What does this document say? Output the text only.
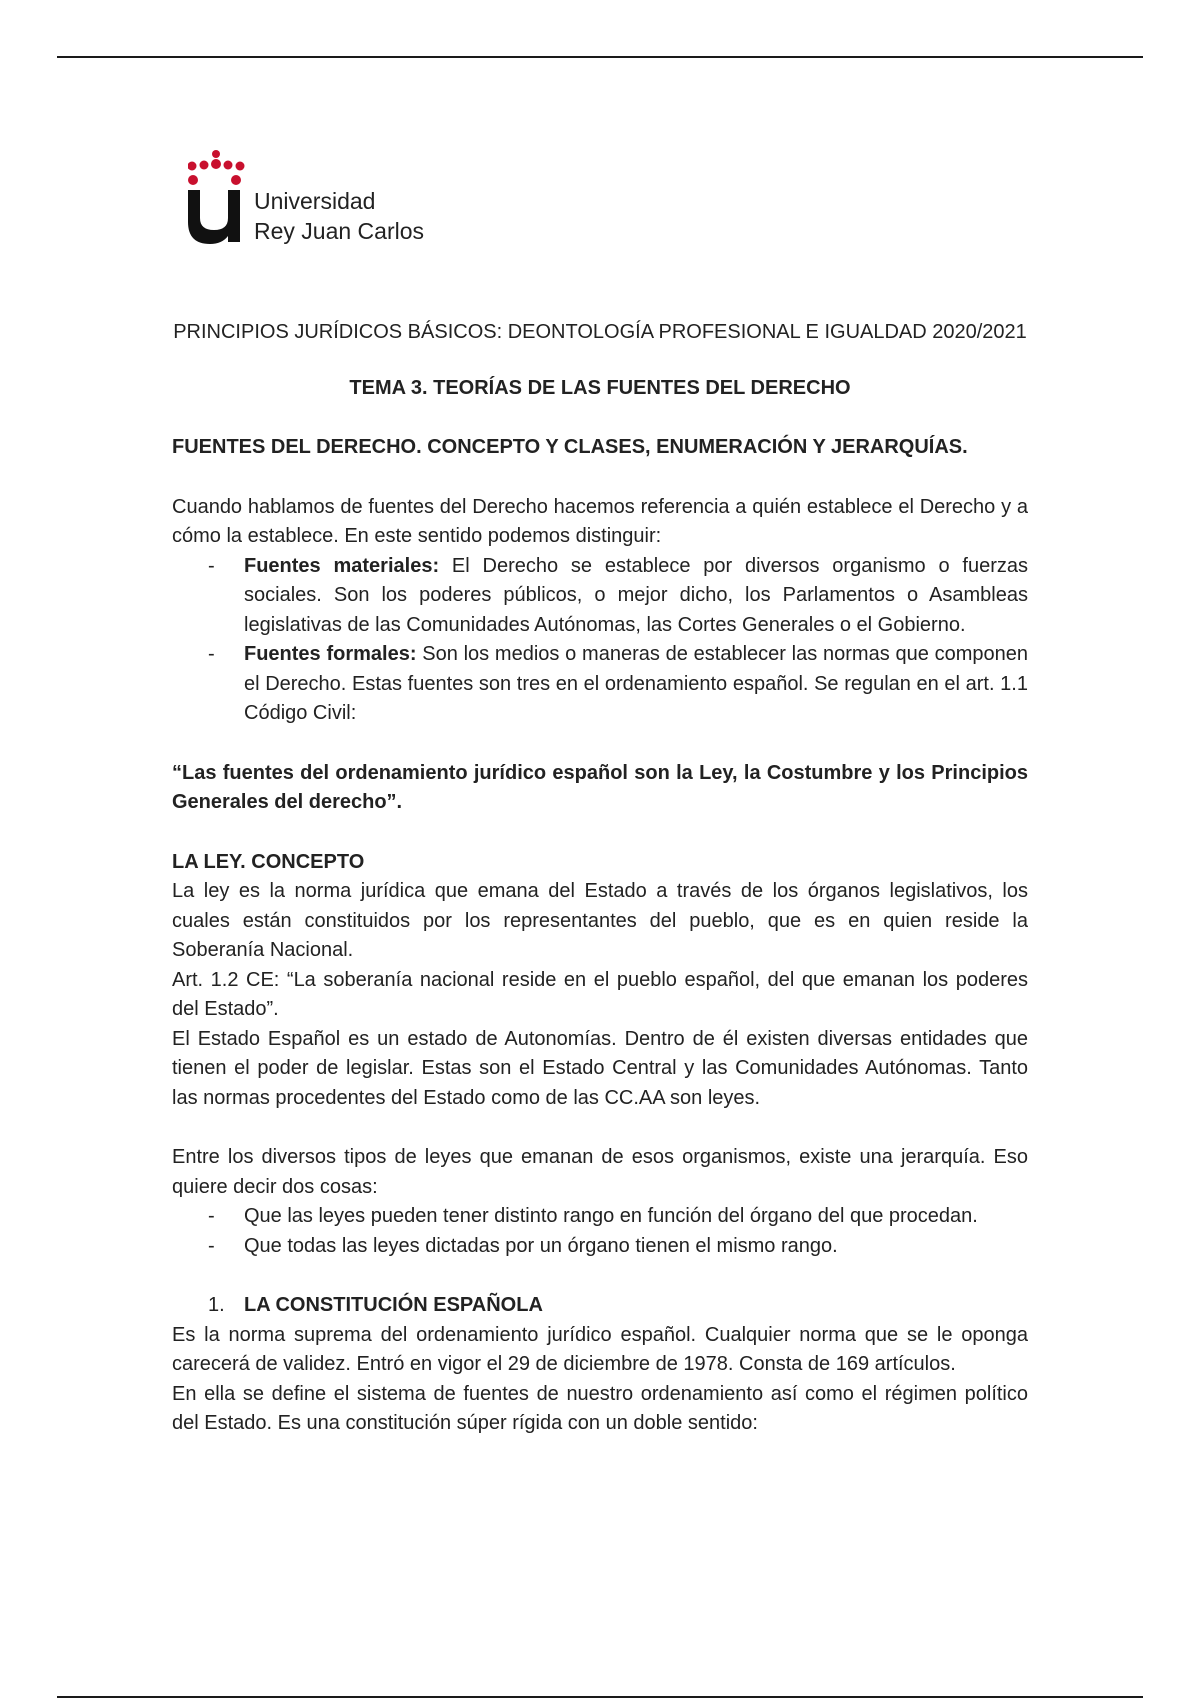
Universidad
Rey Juan Carlos
PRINCIPIOS JURÍDICOS BÁSICOS: DEONTOLOGÍA PROFESIONAL E IGUALDAD 2020/2021
TEMA 3. TEORÍAS DE LAS FUENTES DEL DERECHO
FUENTES DEL DERECHO. CONCEPTO Y CLASES, ENUMERACIÓN Y JERARQUÍAS.

Cuando hablamos de fuentes del Derecho hacemos referencia a quién establece el Derecho y a cómo la establece. En este sentido podemos distinguir:

- Fuentes materiales: El Derecho se establece por diversos organismo o fuerzas sociales. Son los poderes públicos, o mejor dicho, los Parlamentos o Asambleas legislativas de las Comunidades Autónomas, las Cortes Generales o el Gobierno.
- Fuentes formales: Son los medios o maneras de establecer las normas que componen el Derecho. Estas fuentes son tres en el ordenamiento español. Se regulan en el art. 1.1 Código Civil:

“Las fuentes del ordenamiento jurídico español son la Ley, la Costumbre y los Principios Generales del derecho”.

LA LEY. CONCEPTO

La ley es la norma jurídica que emana del Estado a través de los órganos legislativos, los cuales están constituidos por los representantes del pueblo, que es en quien reside la Soberanía Nacional.

Art. 1.2 CE: “La soberanía nacional reside en el pueblo español, del que emanan los poderes del Estado”.

El Estado Español es un estado de Autonomías. Dentro de él existen diversas entidades que tienen el poder de legislar. Estas son el Estado Central y las Comunidades Autónomas. Tanto las normas procedentes del Estado como de las CC.AA son leyes.

Entre los diversos tipos de leyes que emanan de esos organismos, existe una jerarquía. Eso quiere decir dos cosas:

- Que las leyes pueden tener distinto rango en función del órgano del que procedan.
- Que todas las leyes dictadas por un órgano tienen el mismo rango.
1. LA CONSTITUCIÓN ESPAÑOLA

Es la norma suprema del ordenamiento jurídico español. Cualquier norma que se le oponga carecerá de validez. Entró en vigor el 29 de diciembre de 1978. Consta de 169 artículos.

En ella se define el sistema de fuentes de nuestro ordenamiento así como el régimen político del Estado. Es una constitución súper rígida con un doble sentido:
